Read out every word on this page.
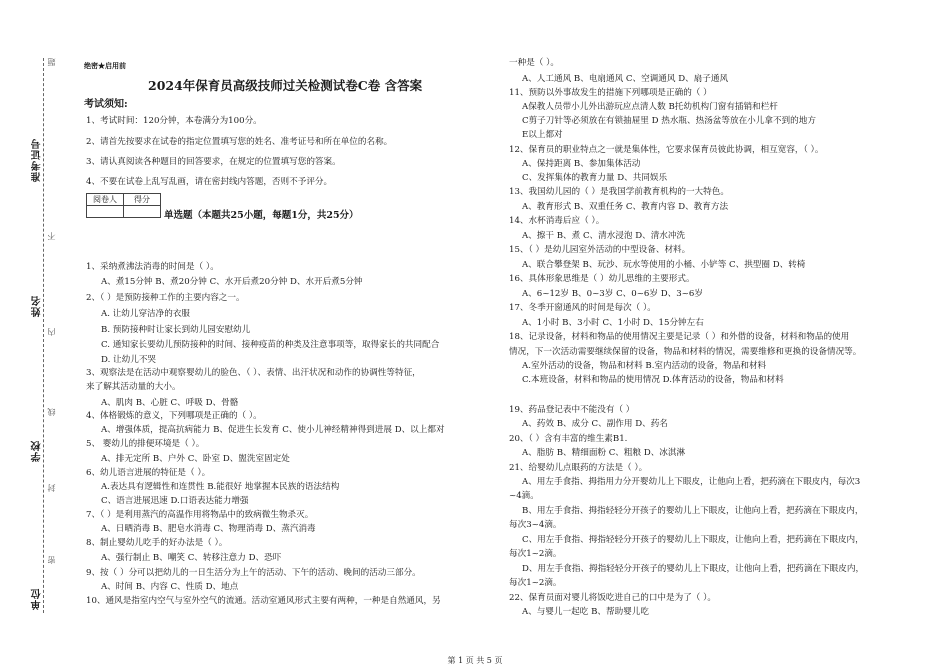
题
准考证号
姓名
学校
单位
不
内
线
封
密
绝密★启用前
2024年保育员高级技师过关检测试卷C卷 含答案
考试须知:
1、考试时间：120分钟，本卷满分为100分。
2、请首先按要求在试卷的指定位置填写您的姓名、准考证号和所在单位的名称。
3、请认真阅读各种题目的回答要求，在规定的位置填写您的答案。
4、不要在试卷上乱写乱画，请在密封线内答题，否则不予评分。
阅卷人	得分

单选题（本题共25小题，每题1分，共25分）
1、采纳煮沸法消毒的时间是（ ）。
A、煮15分钟 B、煮20分钟 C、水开后煮20分钟 D、水开后煮5分钟
2、（ ）是预防接种工作的主要内容之一。
A. 让幼儿穿洁净的衣服
B. 预防接种时让家长到幼儿园安慰幼儿
C. 通知家长要幼儿预防接种的时间、接种疫苗的种类及注意事项等，取得家长的共同配合
D. 让幼儿不哭
3、观察法是在活动中观察婴幼儿的脸色、（ ）、表情、出汗状况和动作的协调性等特征，
来了解其活动量的大小。
A、肌肉 B、心脏 C、呼吸 D、骨骼
4、体格锻炼的意义，下列哪项是正确的（ ）。
A、增强体质，提高抗病能力 B、促进生长发育 C、使小儿神经精神得到进展 D、以上都对
5、 婴幼儿的排便环境是（ ）。
A、排无定所 B、户外 C、卧室 D、盥洗室固定处
6、幼儿语言进展的特征是（ ）。
A.表达具有逻辑性和连贯性 B.能很好 地掌握本民族的语法结构
C、语言进展迅速 D.口语表达能力增强
7、（ ）是利用蒸汽的高温作用将物品中的致病微生物杀灭。
A、日晒消毒 B、肥皂水消毒 C、物理消毒 D、蒸汽消毒
8、制止婴幼儿吃手的好办法是（ ）。
A、强行制止 B、嘲笑 C、转移注意力 D、恐吓
9、按（ ）分可以把幼儿的一日生活分为上午的活动、下午的活动、晚间的活动三部分。
A、时间 B、内容 C、性质 D、地点
10、通风是指室内空气与室外空气的流通。活动室通风形式主要有两种，一种是自然通风，另
一种是（ ）。
A、人工通风 B、电扇通风 C、空调通风 D、扇子通风
11、预防以外事故发生的措施下列哪项是正确的（ ）
A保教人员带小儿外出游玩应点清人数 B托幼机构门窗有插销和栏杆
C剪子刀针等必须放在有锁抽屉里 D 热水瓶、热汤盆等放在小儿拿不到的地方
E以上都对
12、保育员的职业特点之一就是集体性，它要求保育员彼此协调，相互宽容，（ ）。
A、保持距离 B、参加集体活动
C、发挥集体的教育力量 D、共同娱乐
13、我国幼儿园的（ ）是我国学前教育机构的一大特色。
A、教育形式 B、双重任务 C、教育内容 D、教育方法
14、水杯消毒后应（ ）。
A、擦干 B、煮 C、清水浸泡 D、清水冲洗
15、（ ）是幼儿园室外活动的中型设备、材料。
A、联合攀登架 B、玩沙、玩水等使用的小桶、小铲等 C、拱型圈 D、转椅
16、具体形象思维是（ ）幼儿思维的主要形式。
A、6~12岁 B、0~3岁 C、0~6岁 D、3~6岁
17、冬季开窗通风的时间是每次（ ）。
A、1小时 B、3小时 C、1小时 D、15分钟左右
18、记录设备，材料和物品的使用情况主要是记录（ ）和外借的设备，材料和物品的使用
情况，下一次活动需要继续保留的设备，物品和材料的情况，需要维修和更换的设备情况等。
A.室外活动的设备，物品和材料 B.室内活动的设备，物品和材料
C.本班设备，材料和物品的使用情况 D.体育活动的设备，物品和材料
19、药品登记表中不能没有（ ）
A、药效 B、成分 C、副作用 D、药名
20、（ ）含有丰富的维生素B1.
A、脂肪 B、精细面粉 C、粗粮 D、冰淇淋
21、给婴幼儿点眼药的方法是（ ）。
A、用左手食指、拇指用力分开婴幼儿上下眼皮，让他向上看，把药滴在下眼皮内，每次3
~4滴。
B、用左手食指、拇指轻轻分开孩子的婴幼儿上下眼皮，让他向上看，把药滴在下眼皮内，
每次3~4滴。
C、用左手食指、拇指轻轻分开孩子的婴幼儿上下眼皮，让他向上看，把药滴在下眼皮内，
每次1~2滴。
D、用左手食指、拇指轻轻分开孩子的婴幼儿上下眼皮，让他向上看，把药滴在下眼皮内，
每次1~2滴。
22、保育员面对婴儿将饭吃进自己的口中是为了（ ）。
A、与婴儿一起吃 B、帮助婴儿吃
第 1 页 共 5 页
